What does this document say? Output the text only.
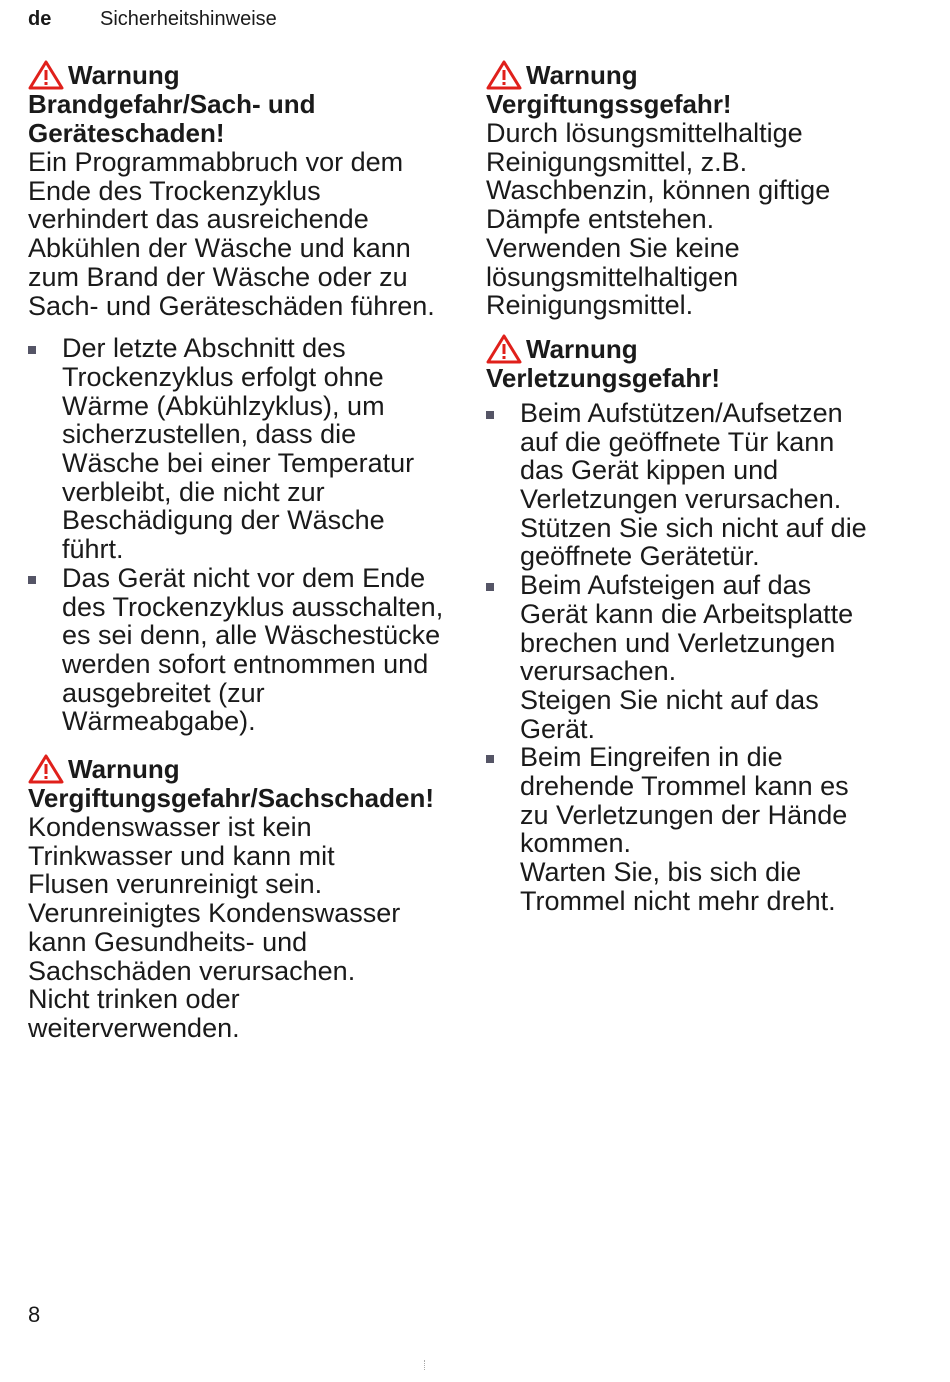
de Sicherheitshinweise
Warnung
Brandgefahr/Sach- und Geräteschaden!

Ein Programmabbruch vor dem Ende des Trockenzyklus verhindert das ausreichende Abkühlen der Wäsche und kann zum Brand der Wäsche oder zu Sach- und Geräteschäden führen.

Der letzte Abschnitt des Trockenzyklus erfolgt ohne Wärme (Abkühlzyklus), um sicherzustellen, dass die Wäsche bei einer Temperatur verbleibt, die nicht zur Beschädigung der Wäsche führt.
Das Gerät nicht vor dem Ende des Trockenzyklus ausschalten, es sei denn, alle Wäschestücke werden sofort entnommen und ausgebreitet (zur Wärmeabgabe).
Warnung
Vergiftungsgefahr/Sachschaden!

Kondenswasser ist kein Trinkwasser und kann mit Flusen verunreinigt sein. Verunreinigtes Kondenswasser kann Gesundheits- und Sachschäden verursachen.

Nicht trinken oder weiterverwenden.

Warnung
Vergiftungssgefahr!

Durch lösungsmittelhaltige Reinigungsmittel, z.B. Waschbenzin, können giftige Dämpfe entstehen.

Verwenden Sie keine lösungsmittelhaltigen Reinigungsmittel.

Warnung
Verletzungsgefahr!
Beim Aufstützen/Aufsetzen auf die geöffnete Tür kann das Gerät kippen und Verletzungen verursachen.
Stützen Sie sich nicht auf die geöffnete Gerätetür.
Beim Aufsteigen auf das Gerät kann die Arbeitsplatte brechen und Verletzungen verursachen.
Steigen Sie nicht auf das Gerät.
Beim Eingreifen in die drehende Trommel kann es zu Verletzungen der Hände kommen.
Warten Sie, bis sich die Trommel nicht mehr dreht.
8
